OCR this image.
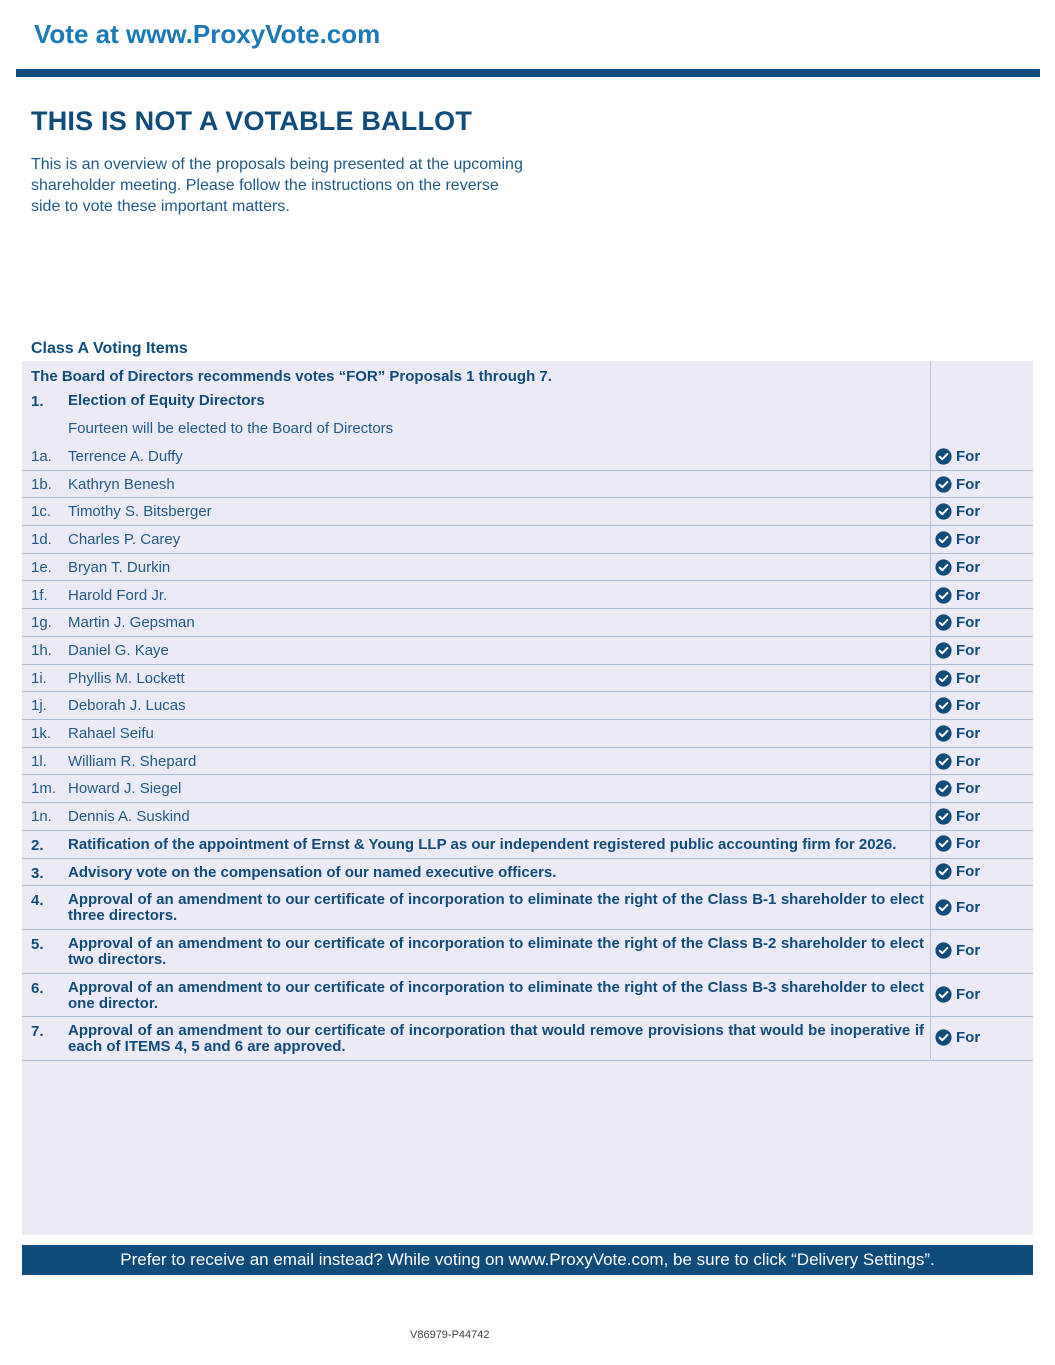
Vote at www.ProxyVote.com
THIS IS NOT A VOTABLE BALLOT
This is an overview of the proposals being presented at the upcoming shareholder meeting. Please follow the instructions on the reverse side to vote these important matters.
Class A Voting Items
The Board of Directors recommends votes “FOR” Proposals 1 through 7.
1. Election of Equity Directors
Fourteen will be elected to the Board of Directors
1a. Terrence A. Duffy	For
1b. Kathryn Benesh	For
1c. Timothy S. Bitsberger	For
1d. Charles P. Carey	For
1e. Bryan T. Durkin	For
1f. Harold Ford Jr.	For
1g. Martin J. Gepsman	For
1h. Daniel G. Kaye	For
1i. Phyllis M. Lockett	For
1j. Deborah J. Lucas	For
1k. Rahael Seifu	For
1l. William R. Shepard	For
1m. Howard J. Siegel	For
1n. Dennis A. Suskind	For
2. Ratification of the appointment of Ernst & Young LLP as our independent registered public accounting firm for 2026.	For
3. Advisory vote on the compensation of our named executive officers.	For
4. Approval of an amendment to our certificate of incorporation to eliminate the right of the Class B-1 shareholder to elect three directors.
For
5. Approval of an amendment to our certificate of incorporation to eliminate the right of the Class B-2 shareholder to elect two directors.
For
6. Approval of an amendment to our certificate of incorporation to eliminate the right of the Class B-3 shareholder to elect one director.
For
7. Approval of an amendment to our certificate of incorporation that would remove provisions that would be inoperative if each of ITEMS 4, 5 and 6 are approved.
For
Prefer to receive an email instead? While voting on www.ProxyVote.com, be sure to click “Delivery Settings”.
V86979-P44742
